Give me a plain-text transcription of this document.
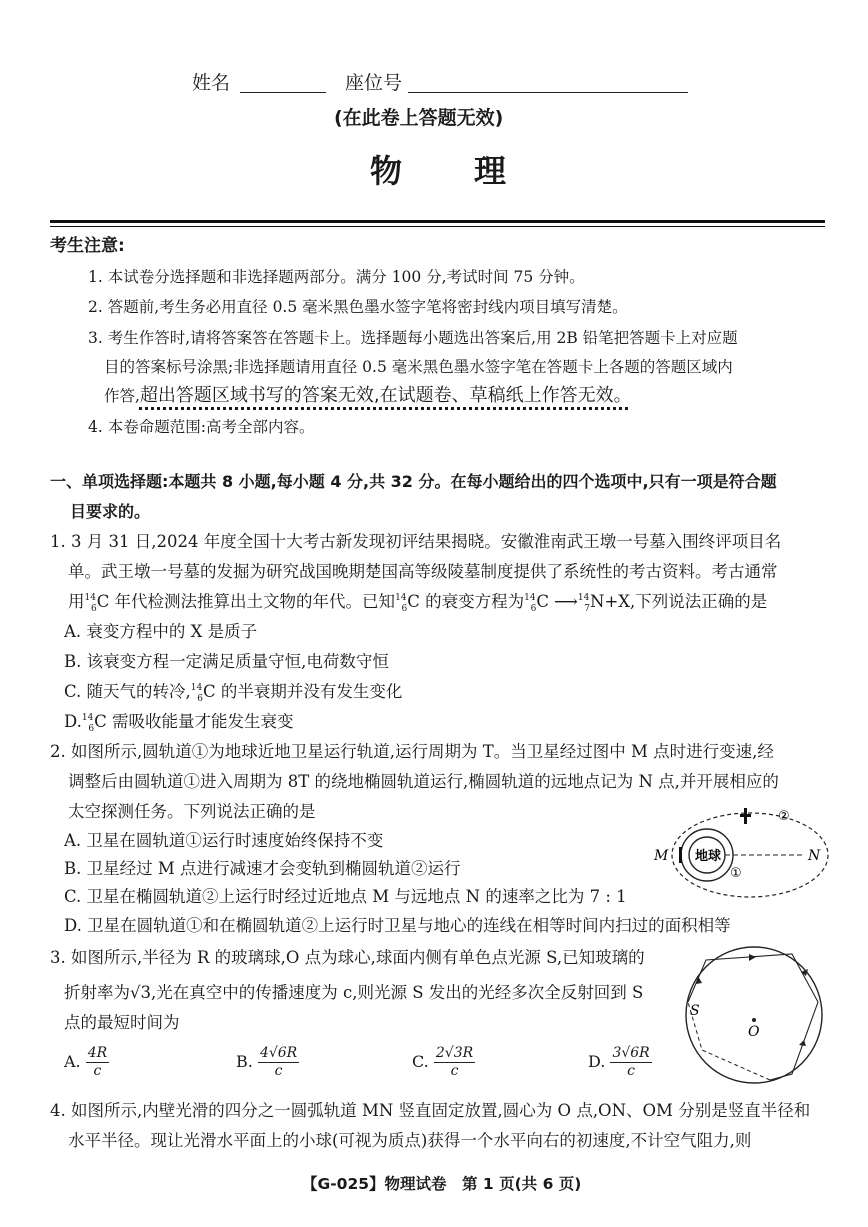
姓名	座位号
(在此卷上答题无效)
物　理
考生注意:
1. 本试卷分选择题和非选择题两部分。满分 100 分,考试时间 75 分钟。
2. 答题前,考生务必用直径 0.5 毫米黑色墨水签字笔将密封线内项目填写清楚。
3. 考生作答时,请将答案答在答题卡上。选择题每小题选出答案后,用 2B 铅笔把答题卡上对应题
目的答案标号涂黑;非选择题请用直径 0.5 毫米黑色墨水签字笔在答题卡上各题的答题区域内
作答,超出答题区域书写的答案无效,在试题卷、草稿纸上作答无效。
4. 本卷命题范围:高考全部内容。
一、单项选择题:本题共 8 小题,每小题 4 分,共 32 分。在每小题给出的四个选项中,只有一项是符合题
目要求的。
1. 3 月 31 日,2024 年度全国十大考古新发现初评结果揭晓。安徽淮南武王墩一号墓入围终评项目名
单。武王墩一号墓的发掘为研究战国晚期楚国高等级陵墓制度提供了系统性的考古资料。考古通常
用$^{14}_6$C 年代检测法推算出土文物的年代。已知$^{14}_6$C 的衰变方程为$^{14}_6$C ⟶$^{14}_7$N+X,下列说法正确的是
A. 衰变方程中的 X 是质子
B. 该衰变方程一定满足质量守恒,电荷数守恒
C. 随天气的转冷,$^{14}_6$C 的半衰期并没有发生变化
D.$^{14}_6$C 需吸收能量才能发生衰变
2. 如图所示,圆轨道①为地球近地卫星运行轨道,运行周期为 T。当卫星经过图中 M 点时进行变速,经
调整后由圆轨道①进入周期为 8T 的绕地椭圆轨道运行,椭圆轨道的远地点记为 N 点,并开展相应的
太空探测任务。下列说法正确的是
A. 卫星在圆轨道①运行时速度始终保持不变
B. 卫星经过 M 点进行减速才会变轨到椭圆轨道②运行
C. 卫星在椭圆轨道②上运行时经过近地点 M 与远地点 N 的速率之比为 7 : 1
D. 卫星在圆轨道①和在椭圆轨道②上运行时卫星与地心的连线在相等时间内扫过的面积相等
地球
M	N
①
②
3. 如图所示,半径为 R 的玻璃球,O 点为球心,球面内侧有单色点光源 S,已知玻璃的
折射率为√3,光在真空中的传播速度为 c,则光源 S 发出的光经多次全反射回到 S
点的最短时间为
A. $\frac{4R}{c}$	B. $\frac{4√6R}{c}$	C. $\frac{2√3R}{c}$	D. $\frac{3√6R}{c}$
S
O
4. 如图所示,内壁光滑的四分之一圆弧轨道 MN 竖直固定放置,圆心为 O 点,ON、OM 分别是竖直半径和
水平半径。现让光滑水平面上的小球(可视为质点)获得一个水平向右的初速度,不计空气阻力,则
【G-025】物理试卷　第 1 页(共 6 页)
